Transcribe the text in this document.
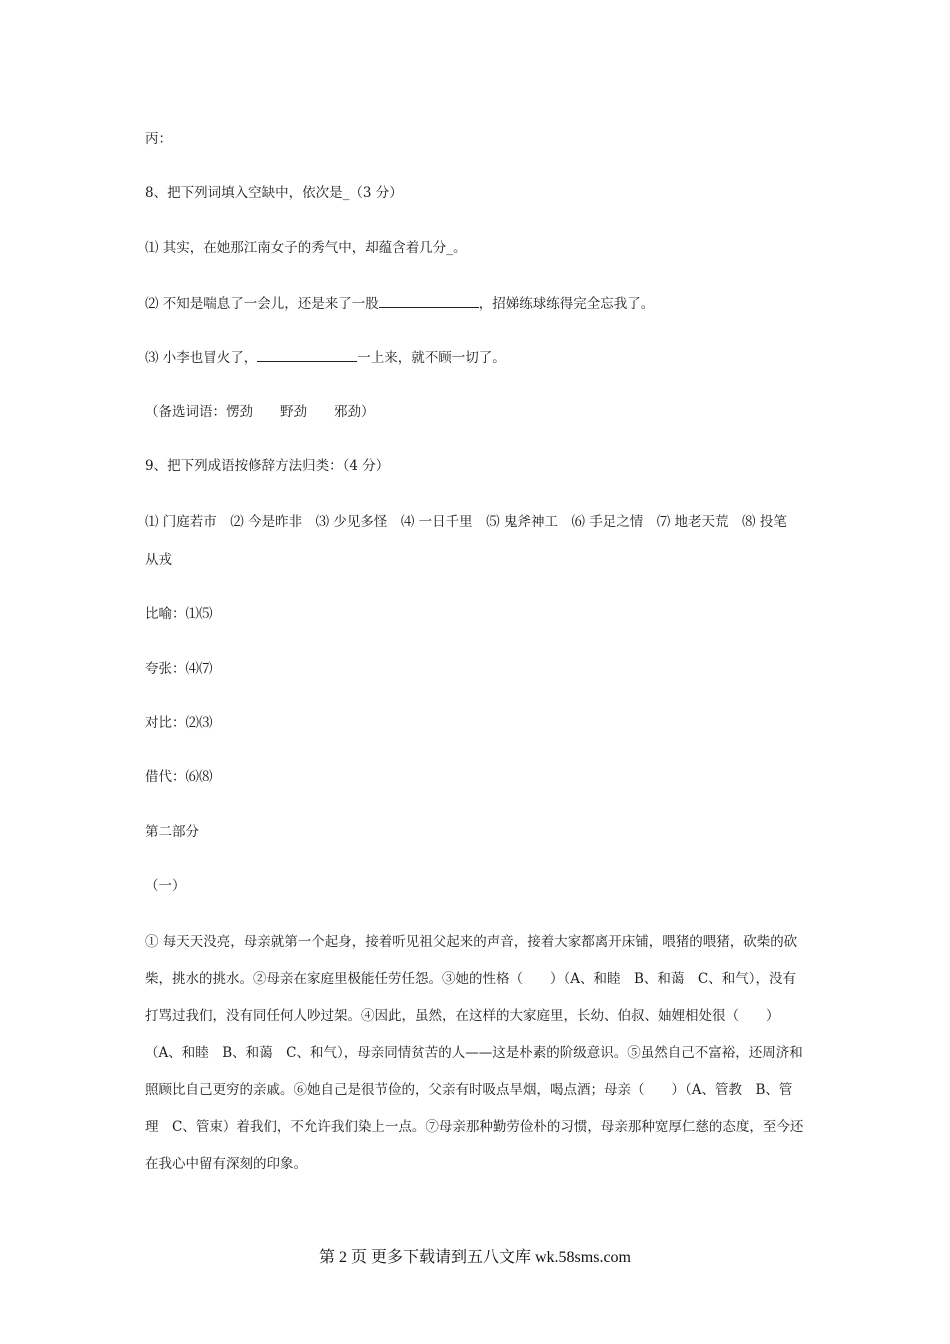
丙：
8、把下列词填入空缺中，依次是_（3 分）
⑴ 其实，在她那江南女子的秀气中，却蕴含着几分_。
⑵ 不知是喘息了一会儿，还是来了一股	，招娣练球练得完全忘我了。
⑶ 小李也冒火了，	一上来，就不顾一切了。
（备选词语：愣劲　　野劲　　邪劲）
9、把下列成语按修辞方法归类：（4 分）
⑴ 门庭若市　⑵ 今是昨非　⑶ 少见多怪　⑷ 一日千里　⑸ 鬼斧神工　⑹ 手足之情　⑺ 地老天荒　⑻ 投笔
从戎
比喻：⑴⑸
夸张：⑷⑺
对比：⑵⑶
借代：⑹⑻
第二部分
（一）
① 每天天没亮，母亲就第一个起身，接着听见祖父起来的声音，接着大家都离开床铺，喂猪的喂猪，砍柴的砍柴，挑水的挑水。②母亲在家庭里极能任劳任怨。③她的性格（　　）（A、和睦　B、和蔼　C、和气），没有打骂过我们，没有同任何人吵过架。④因此，虽然，在这样的大家庭里，长幼、伯叔、妯娌相处很（　　）（A、和睦　B、和蔼　C、和气），母亲同情贫苦的人——这是朴素的阶级意识。⑤虽然自己不富裕，还周济和照顾比自己更穷的亲戚。⑥她自己是很节俭的，父亲有时吸点旱烟，喝点酒；母亲（　　）（A、管教　B、管理　C、管束）着我们，不允许我们染上一点。⑦母亲那种勤劳俭朴的习惯，母亲那种宽厚仁慈的态度，至今还在我心中留有深刻的印象。
第 2 页 更多下载请到五八文库 wk.58sms.com
